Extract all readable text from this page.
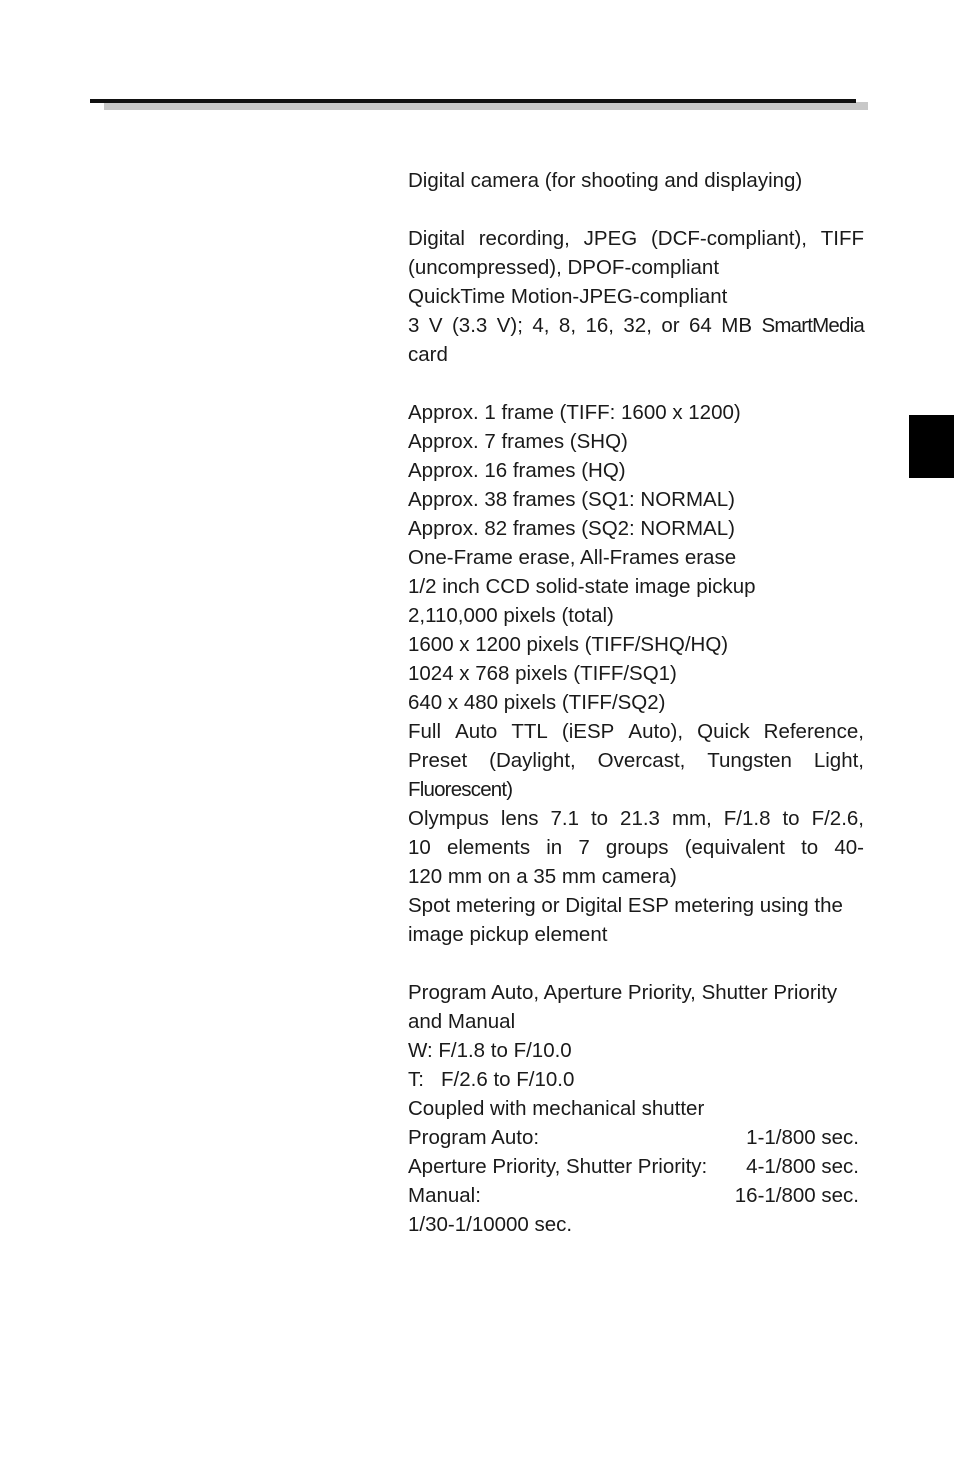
Digital camera (for shooting and displaying)
Digital recording, JPEG (DCF-compliant), TIFF
(uncompressed), DPOF-compliant
QuickTime Motion-JPEG-compliant
3 V (3.3 V); 4, 8, 16, 32, or 64 MB SmartMedia
card
Approx. 1 frame (TIFF: 1600 x 1200)
Approx. 7 frames (SHQ)
Approx. 16 frames (HQ)
Approx. 38 frames (SQ1: NORMAL)
Approx. 82 frames (SQ2: NORMAL)
One-Frame erase, All-Frames erase
1/2 inch CCD solid-state image pickup
2,110,000 pixels (total)
1600 x 1200 pixels (TIFF/SHQ/HQ)
1024 x 768 pixels (TIFF/SQ1)
640 x 480 pixels (TIFF/SQ2)
Full Auto TTL (iESP Auto), Quick Reference,
Preset (Daylight, Overcast, Tungsten Light,
Fluorescent)
Olympus lens 7.1 to 21.3 mm, F/1.8 to F/2.6,
10 elements in 7 groups (equivalent to 40-
120 mm on a 35 mm camera)
Spot metering or Digital ESP metering using the
image pickup element
Program Auto, Aperture Priority, Shutter Priority
and Manual
W: F/1.8 to F/10.0
T:   F/2.6 to F/10.0
Coupled with mechanical shutter
Program Auto:	1-1/800 sec.
Aperture Priority, Shutter Priority:	4-1/800 sec.
Manual:	16-1/800 sec.
1/30-1/10000 sec.
